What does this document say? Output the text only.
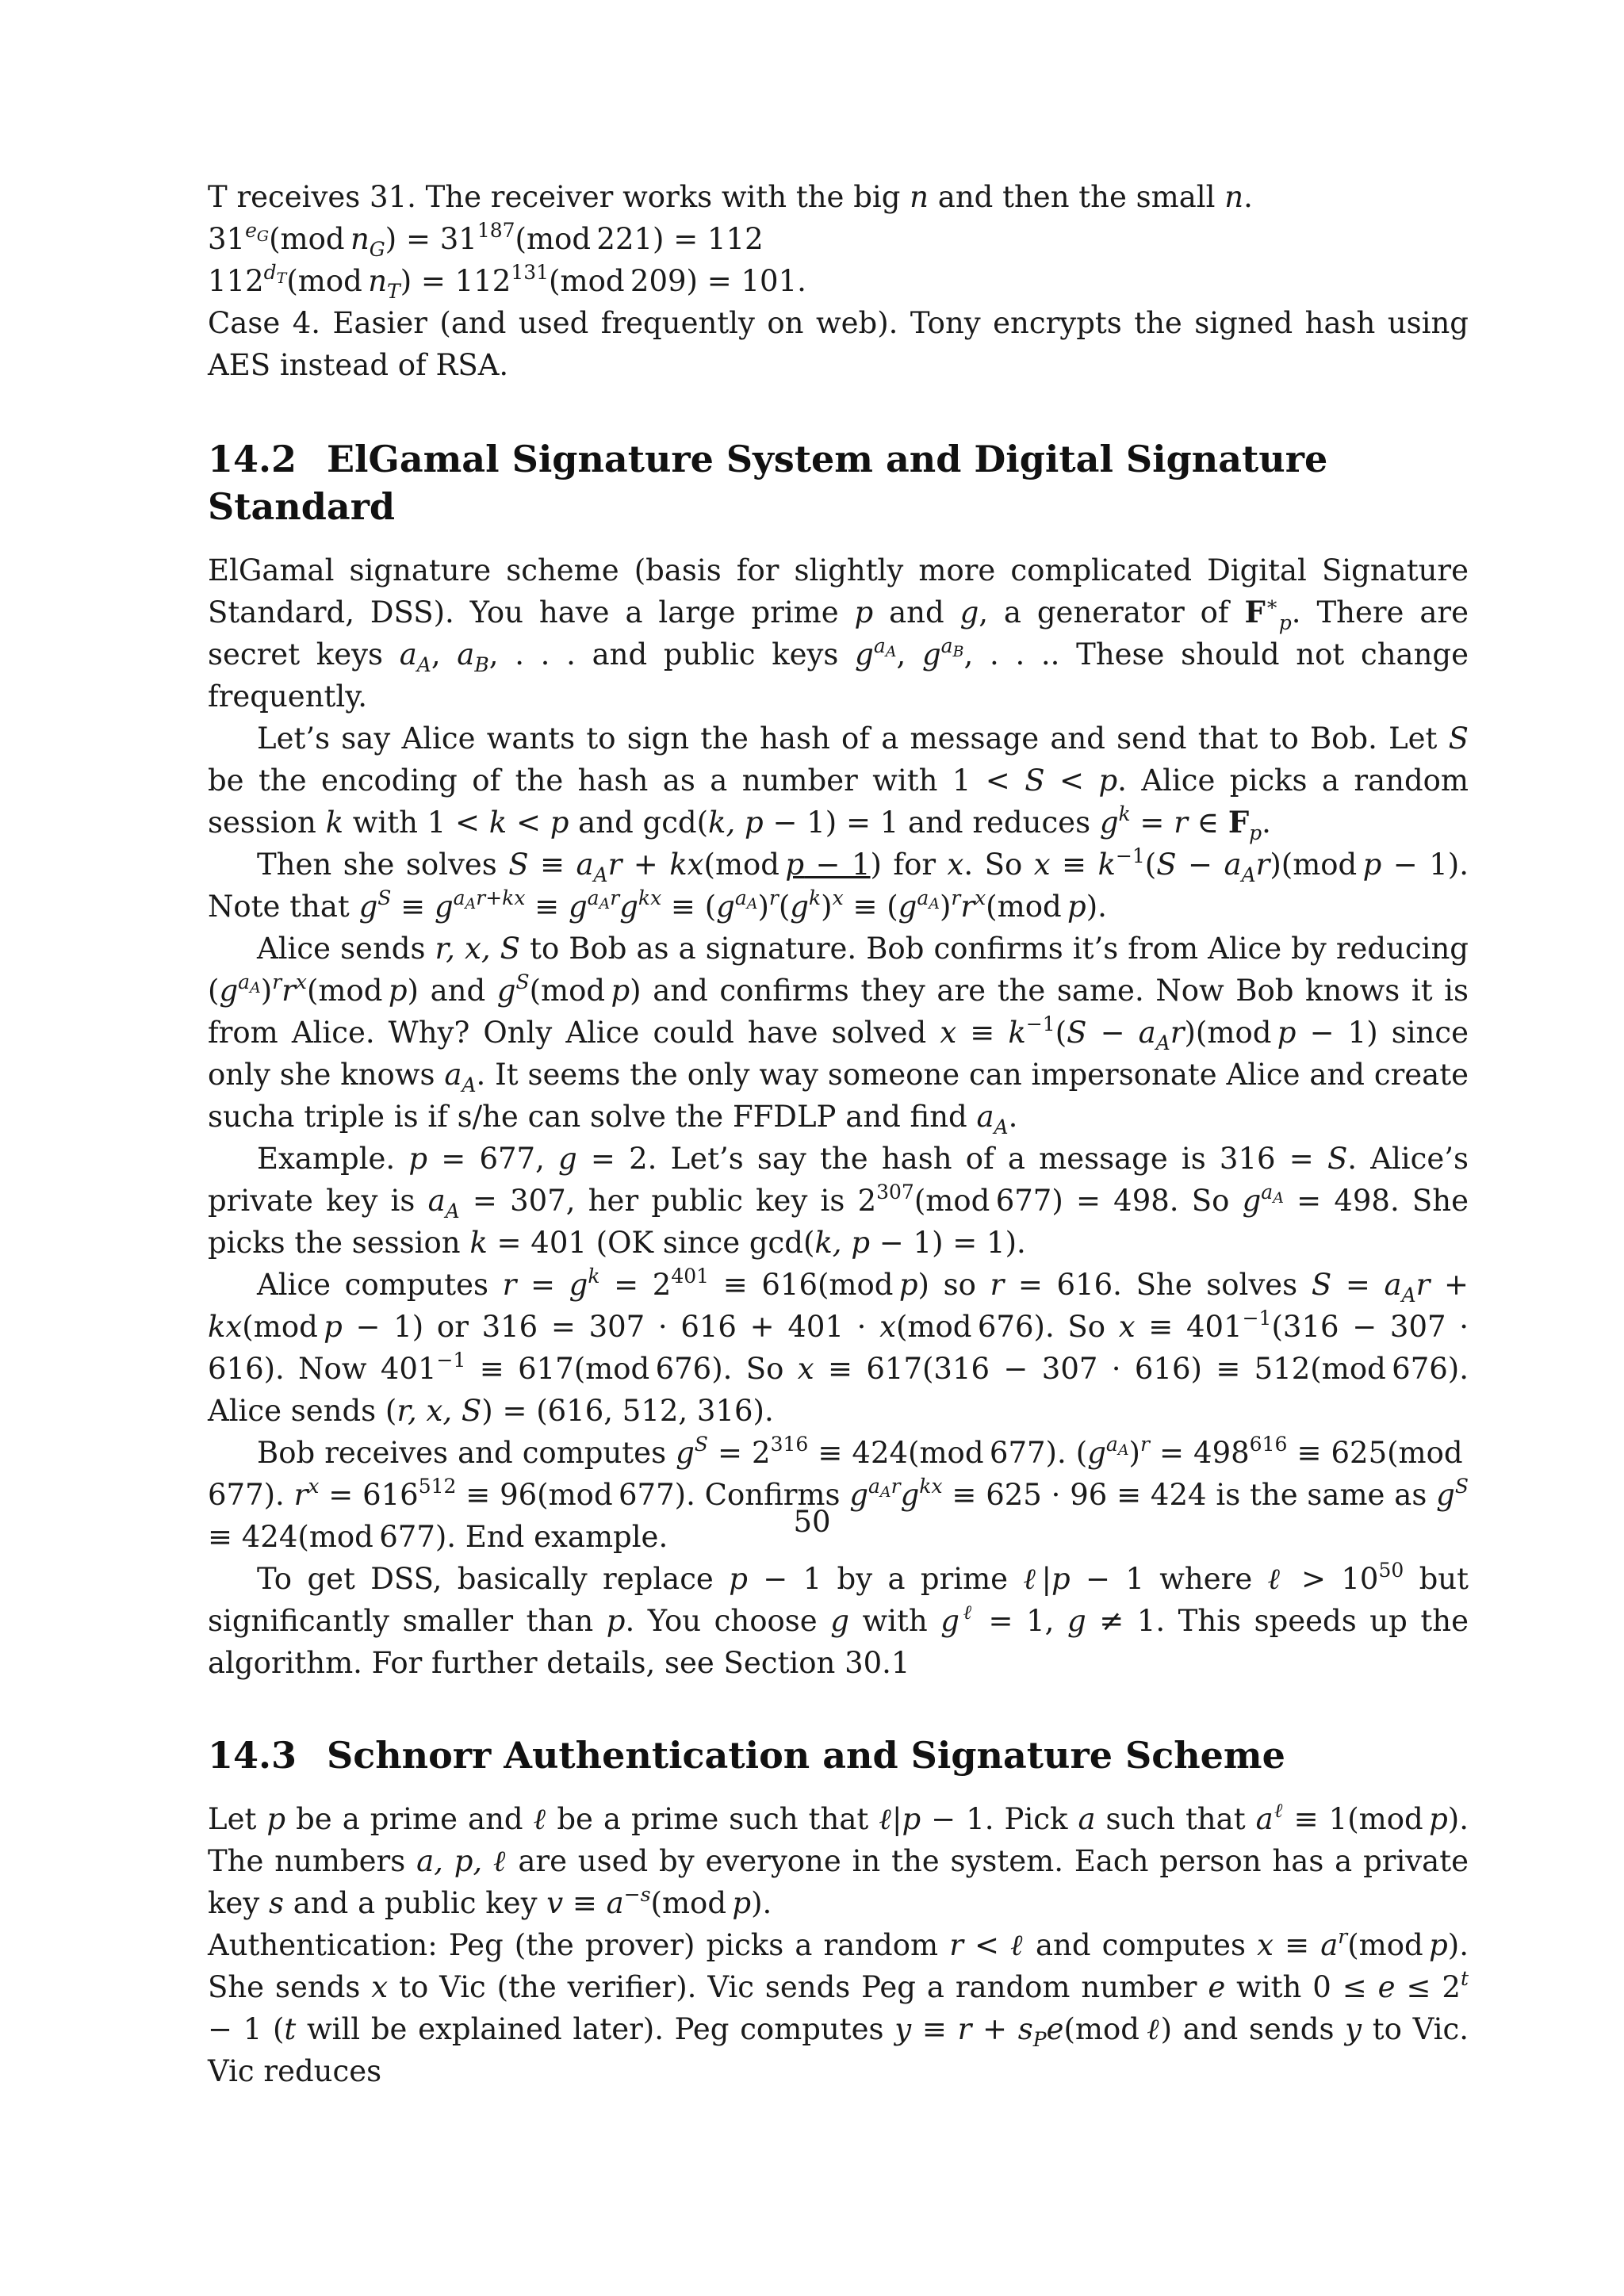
T receives 31. The receiver works with the big n and then the small n.

$31^{e_G}(mod$ $n_G) = 31^{187}(mod$ 221) = 112

$112^{d_T}(mod$ $n_T) = 112^{131}(mod$ 209) = 101.

Case 4. Easier (and used frequently on web). Tony encrypts the signed hash using AES instead of RSA.

14.2 ElGamal Signature System and Digital Signature Standard

ElGamal signature scheme (basis for slightly more complicated Digital Signature Standard, DSS). You have a large prime p and g, a generator of $F^∗_p$. There are secret keys $a_A$, $a_B$, . . . and public keys $g^{a_A}$, $g^{a_B}$, . . .. These should not change frequently.

Let’s say Alice wants to sign the hash of a message and send that to Bob. Let S be the encoding of the hash as a number with 1 < S < p. Alice picks a random session k with 1 < k < p and gcd(k, p − 1) = 1 and reduces $g^k = r$ ∈ $F_p$.

Then she solves $S \equiv a_Ar + kx(mod$ p − 1) for x. So $x \equiv k^{-1}(S - a_Ar)(mod$ p − 1). Note that $g^S \equiv g^{a_Ar+kx} \equiv g^{a_Ar}g^{kx} \equiv (g^{a_A})^r(g^k)^x \equiv (g^{a_A})^rr^x(mod$ p).

Alice sends r, x, S to Bob as a signature. Bob confirms it’s from Alice by reducing $(g^{a_A})^rr^x(mod$ p) and $g^S(mod$ p) and confirms they are the same. Now Bob knows it is from Alice. Why? Only Alice could have solved $x \equiv k^{-1}(S - a_Ar)(mod$ p − 1) since only she knows $a_A$. It seems the only way someone can impersonate Alice and create sucha triple is if s/he can solve the FFDLP and find $a_A$.

Example. p = 677, g = 2. Let’s say the hash of a message is 316 = S. Alice’s private key is $a_A = 307$, her public key is $2^{307}(mod$ 677) = 498. So $g^{a_A} = 498$. She picks the session k = 401 (OK since gcd(k, p − 1) = 1).

Alice computes $r = g^k = 2^{401} \equiv 616(mod$ p) so r = 616. She solves $S = a_Ar + kx(mod$ p − 1) or 316 = 307 · 616 + 401 · x(mod 676). So $x \equiv 401^{-1}(316 - 307 \cdot 616)$. Now $401^{-1} \equiv 617(mod$ 676). So x ≡ 617(316 − 307 · 616) ≡ 512(mod 676). Alice sends (r, x, S) = (616, 512, 316).

Bob receives and computes $g^S = 2^{316} \equiv 424(mod$ 677). $(g^{a_A})^r = 498^{616} \equiv 625(mod$ 677). $r^x = 616^{512} \equiv 96(mod$ 677). Confirms $g^{a_Ar}g^{kx} \equiv 625 \cdot 96 \equiv 424$ is the same as $g^S \equiv 424(mod$ 677). End example.

To get DSS, basically replace p − 1 by a prime ℓ|p − 1 where ℓ > $10^{50}$ but significantly smaller than p. You choose g with $g^\ell = 1$, g ≠ 1. This speeds up the algorithm. For further details, see Section 30.1

14.3 Schnorr Authentication and Signature Scheme

Let p be a prime and ℓ be a prime such that ℓ|p − 1. Pick a such that $a^\ell \equiv 1(mod$ p). The numbers a, p, ℓ are used by everyone in the system. Each person has a private key s and a public key $v \equiv a^{-s}(mod$ p).

Authentication: Peg (the prover) picks a random r < ℓ and computes $x \equiv a^r(mod$ p). She sends x to Vic (the verifier). Vic sends Peg a random number e with $0 \le e \le 2^t - 1$ (t will be explained later). Peg computes $y \equiv r + s_Pe(mod$ ℓ) and sends y to Vic. Vic reduces

50
